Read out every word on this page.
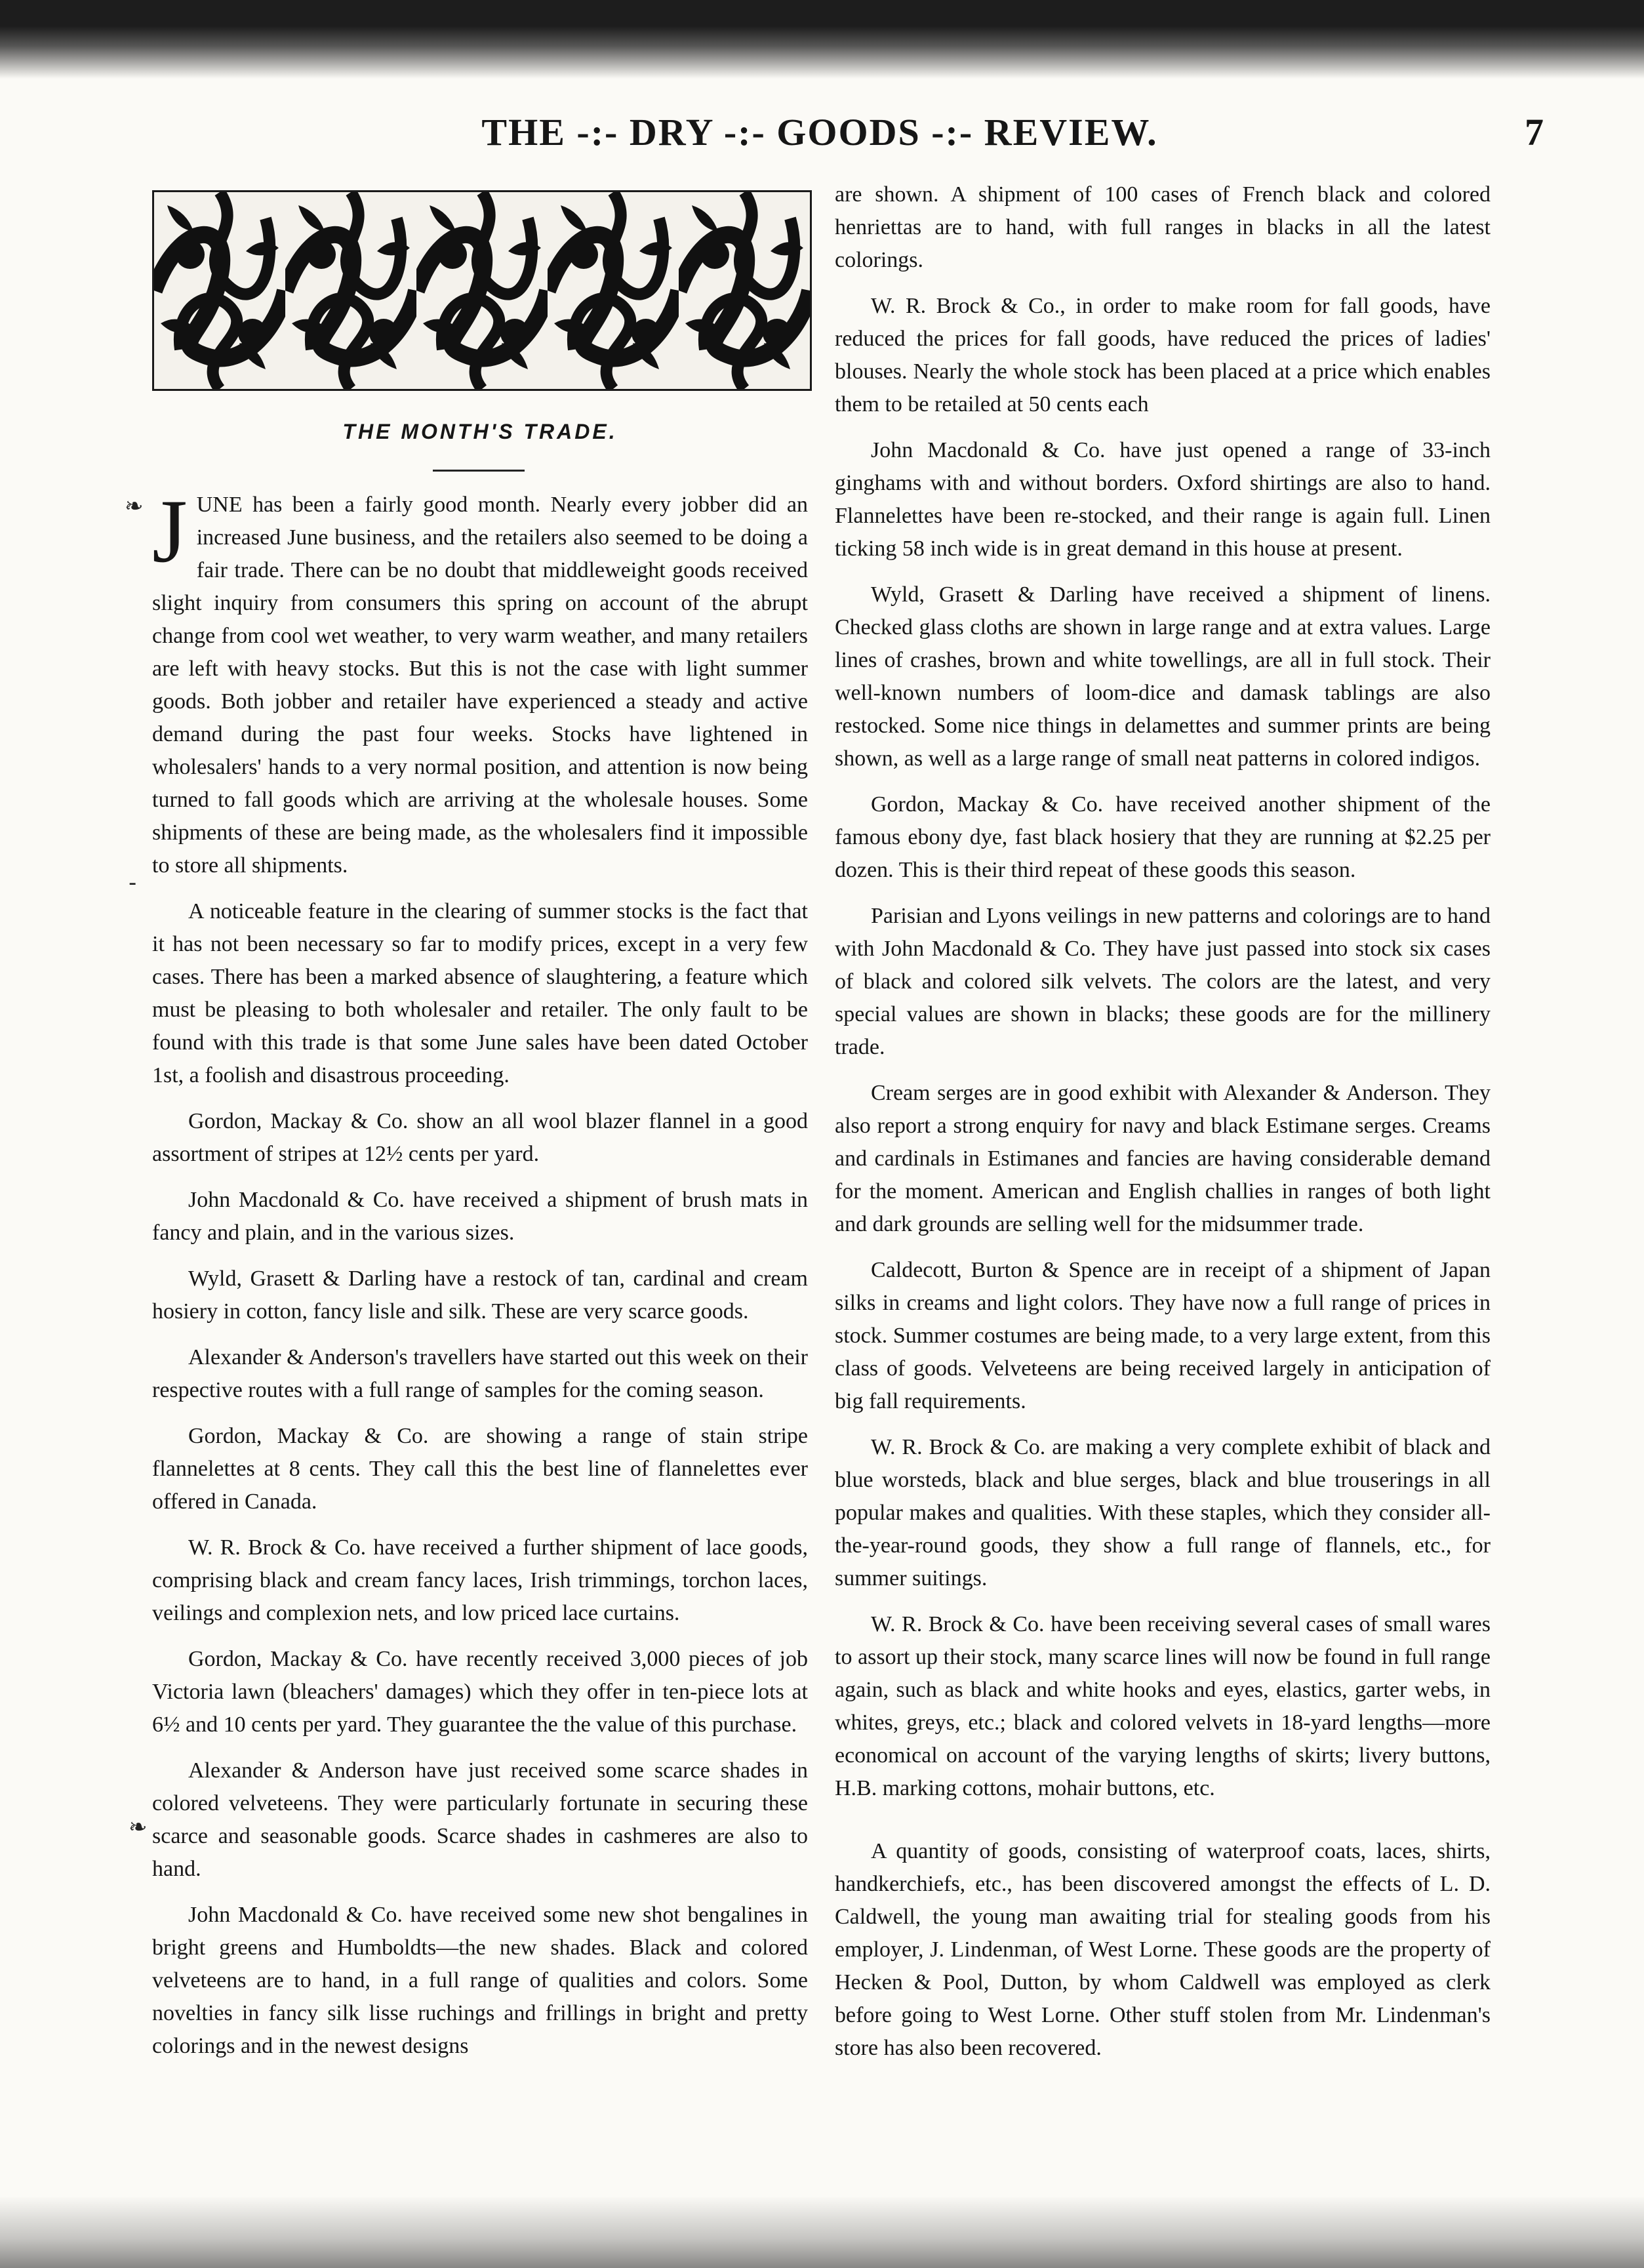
THE -:- DRY -:- GOODS -:- REVIEW.	7
THE MONTH'S TRADE.

JUNE has been a fairly good month. Nearly every jobber did an increased June business, and the retailers also seemed to be doing a fair trade. There can be no doubt that middleweight goods received slight inquiry from consumers this spring on account of the abrupt change from cool wet weather, to very warm weather, and many retailers are left with heavy stocks. But this is not the case with light summer goods. Both jobber and retailer have experienced a steady and active demand during the past four weeks. Stocks have lightened in wholesalers' hands to a very normal position, and attention is now being turned to fall goods which are arriving at the wholesale houses. Some shipments of these are being made, as the wholesalers find it impossible to store all shipments.

A noticeable feature in the clearing of summer stocks is the fact that it has not been necessary so far to modify prices, except in a very few cases. There has been a marked absence of slaughtering, a feature which must be pleasing to both wholesaler and retailer. The only fault to be found with this trade is that some June sales have been dated October 1st, a foolish and disastrous proceeding.

Gordon, Mackay & Co. show an all wool blazer flannel in a good assortment of stripes at 12½ cents per yard.

John Macdonald & Co. have received a shipment of brush mats in fancy and plain, and in the various sizes.

Wyld, Grasett & Darling have a restock of tan, cardinal and cream hosiery in cotton, fancy lisle and silk. These are very scarce goods.

Alexander & Anderson's travellers have started out this week on their respective routes with a full range of samples for the coming season.

Gordon, Mackay & Co. are showing a range of stain stripe flannelettes at 8 cents. They call this the best line of flannelettes ever offered in Canada.

W. R. Brock & Co. have received a further shipment of lace goods, comprising black and cream fancy laces, Irish trimmings, torchon laces, veilings and complexion nets, and low priced lace curtains.

Gordon, Mackay & Co. have recently received 3,000 pieces of job Victoria lawn (bleachers' damages) which they offer in ten-piece lots at 6½ and 10 cents per yard. They guarantee the the value of this purchase.

Alexander & Anderson have just received some scarce shades in colored velveteens. They were particularly fortunate in securing these scarce and seasonable goods. Scarce shades in cashmeres are also to hand.

John Macdonald & Co. have received some new shot bengalines in bright greens and Humboldts—the new shades. Black and colored velveteens are to hand, in a full range of qualities and colors. Some novelties in fancy silk lisse ruchings and frillings in bright and pretty colorings and in the newest designs

are shown. A shipment of 100 cases of French black and colored henriettas are to hand, with full ranges in blacks in all the latest colorings.

W. R. Brock & Co., in order to make room for fall goods, have reduced the prices for fall goods, have reduced the prices of ladies' blouses. Nearly the whole stock has been placed at a price which enables them to be retailed at 50 cents each

John Macdonald & Co. have just opened a range of 33-inch ginghams with and without borders. Oxford shirtings are also to hand. Flannelettes have been re-stocked, and their range is again full. Linen ticking 58 inch wide is in great demand in this house at present.

Wyld, Grasett & Darling have received a shipment of linens. Checked glass cloths are shown in large range and at extra values. Large lines of crashes, brown and white towellings, are all in full stock. Their well-known numbers of loom-dice and damask tablings are also restocked. Some nice things in delamettes and summer prints are being shown, as well as a large range of small neat patterns in colored indigos.

Gordon, Mackay & Co. have received another shipment of the famous ebony dye, fast black hosiery that they are running at $2.25 per dozen. This is their third repeat of these goods this season.

Parisian and Lyons veilings in new patterns and colorings are to hand with John Macdonald & Co. They have just passed into stock six cases of black and colored silk velvets. The colors are the latest, and very special values are shown in blacks; these goods are for the millinery trade.

Cream serges are in good exhibit with Alexander & Anderson. They also report a strong enquiry for navy and black Estimane serges. Creams and cardinals in Estimanes and fancies are having considerable demand for the moment. American and English challies in ranges of both light and dark grounds are selling well for the midsummer trade.

Caldecott, Burton & Spence are in receipt of a shipment of Japan silks in creams and light colors. They have now a full range of prices in stock. Summer costumes are being made, to a very large extent, from this class of goods. Velveteens are being received largely in anticipation of big fall requirements.

W. R. Brock & Co. are making a very complete exhibit of black and blue worsteds, black and blue serges, black and blue trouserings in all popular makes and qualities. With these staples, which they consider all-the-year-round goods, they show a full range of flannels, etc., for summer suitings.

W. R. Brock & Co. have been receiving several cases of small wares to assort up their stock, many scarce lines will now be found in full range again, such as black and white hooks and eyes, elastics, garter webs, in whites, greys, etc.; black and colored velvets in 18-yard lengths—more economical on account of the varying lengths of skirts; livery buttons, H.B. marking cottons, mohair buttons, etc.

A quantity of goods, consisting of waterproof coats, laces, shirts, handkerchiefs, etc., has been discovered amongst the effects of L. D. Caldwell, the young man awaiting trial for stealing goods from his employer, J. Lindenman, of West Lorne. These goods are the property of Hecken & Pool, Dutton, by whom Caldwell was employed as clerk before going to West Lorne. Other stuff stolen from Mr. Lindenman's store has also been recovered.

❧
‐
❧
